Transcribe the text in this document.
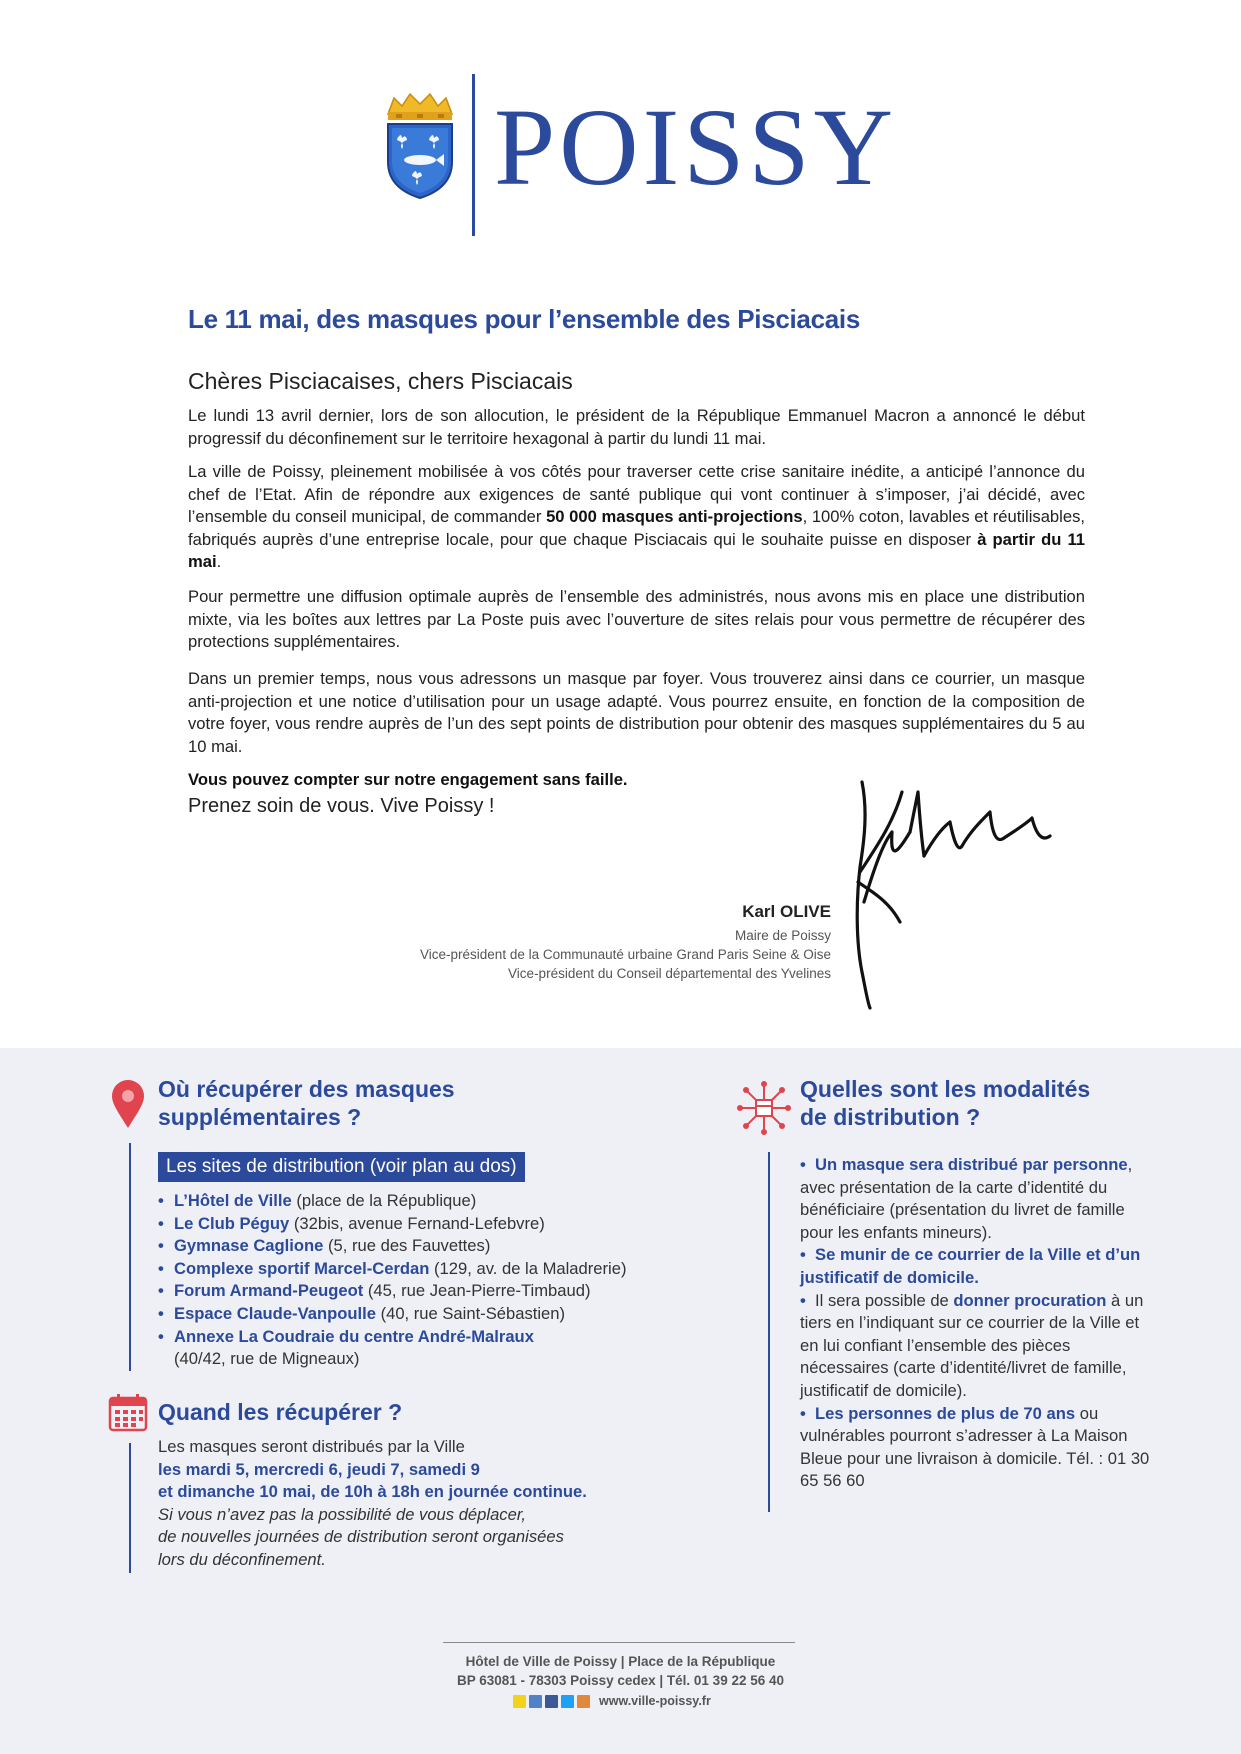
POISSY
Le 11 mai, des masques pour l’ensemble des Pisciacais
Chères Pisciacaises, chers Pisciacais
Le lundi 13 avril dernier, lors de son allocution, le président de la République Emmanuel Macron a annoncé le début progressif du déconfinement sur le territoire hexagonal à partir du lundi 11 mai.
La ville de Poissy, pleinement mobilisée à vos côtés pour traverser cette crise sanitaire inédite, a anticipé l’annonce du chef de l’Etat. Afin de répondre aux exigences de santé publique qui vont continuer à s’imposer, j’ai décidé, avec l’ensemble du conseil municipal, de commander 50 000 masques anti-projections, 100% coton, lavables et réutilisables, fabriqués auprès d’une entreprise locale, pour que chaque Pisciacais qui le souhaite puisse en disposer à partir du 11 mai.
Pour permettre une diffusion optimale auprès de l’ensemble des administrés, nous avons mis en place une distribution mixte, via les boîtes aux lettres par La Poste puis avec l’ouverture de sites relais pour vous permettre de récupérer des protections supplémentaires.
Dans un premier temps, nous vous adressons un masque par foyer. Vous trouverez ainsi dans ce courrier, un masque anti-projection et une notice d’utilisation pour un usage adapté. Vous pourrez ensuite, en fonction de la composition de votre foyer, vous rendre auprès de l’un des sept points de distribution pour obtenir des masques supplémentaires du 5 au 10 mai.
Vous pouvez compter sur notre engagement sans faille.
Prenez soin de vous. Vive Poissy !
Karl OLIVE
Maire de Poissy
Vice-président de la Communauté urbaine Grand Paris Seine & Oise
Vice-président du Conseil départemental des Yvelines
Où récupérer des masques
supplémentaires ?
Les sites de distribution (voir plan au dos)
• L’Hôtel de Ville (place de la République)
• Le Club Péguy (32bis, avenue Fernand-Lefebvre)
• Gymnase Caglione (5, rue des Fauvettes)
• Complexe sportif Marcel-Cerdan (129, av. de la Maladrerie)
• Forum Armand-Peugeot (45, rue Jean-Pierre-Timbaud)
• Espace Claude-Vanpoulle (40, rue Saint-Sébastien)
• Annexe La Coudraie du centre André-Malraux
(40/42, rue de Migneaux)
Quand les récupérer ?
Les masques seront distribués par la Ville
les mardi 5, mercredi 6, jeudi 7, samedi 9
et dimanche 10 mai, de 10h à 18h en journée continue.
Si vous n’avez pas la possibilité de vous déplacer,
de nouvelles journées de distribution seront organisées
lors du déconfinement.
Quelles sont les modalités
de distribution ?

•  Un masque sera distribué par personne, avec présentation de la carte d’identité du bénéficiaire (présentation du livret de famille pour les enfants mineurs).

•  Se munir de ce courrier de la Ville et d’un justificatif de domicile.

•  Il sera possible de donner procuration à un tiers en l’indiquant sur ce courrier de la Ville et en lui confiant l’ensemble des pièces nécessaires (carte d’identité/livret de famille, justificatif de domicile).

•  Les personnes de plus de 70 ans ou vulnérables pourront s’adresser à La Maison Bleue pour une livraison à domicile. Tél. : 01 30 65 56 60

Hôtel de Ville de Poissy | Place de la République
BP 63081 - 78303 Poissy cedex | Tél. 01 39 22 56 40
www.ville-poissy.fr
